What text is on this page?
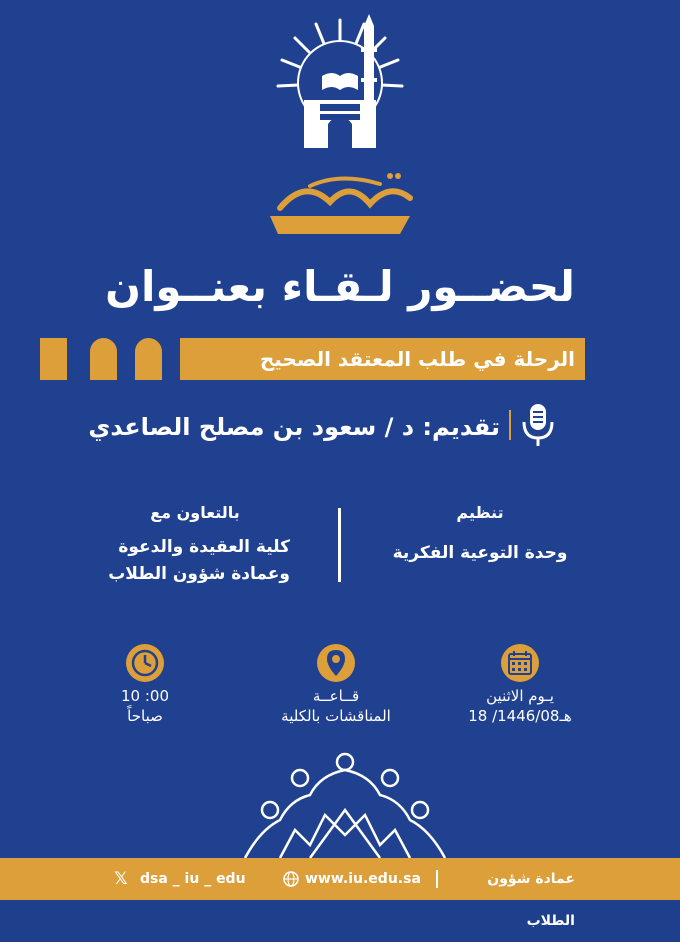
لحضــور لـقـاء بعنــوان
الرحلة في طلب المعتقد الصحيح
تقديم: د / سعود بن مصلح الصاعدي
تنظيم
وحدة التوعية الفكرية
بالتعاون مع
كلية العقيدة والدعوة
وعمادة شؤون الطلاب
يـوم الاثنين
18 /1446/08هـ
قــاعــة
المناقشات بالكلية
10 :00
صباحاً
عمادة شؤون الطلاب
www.iu.edu.sa
𝕏 dsa _ iu _ edu
